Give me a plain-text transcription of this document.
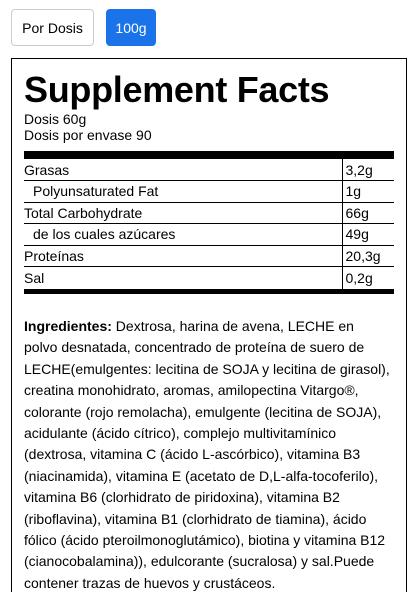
Por Dosis	100g
Supplement Facts
Dosis 60g
Dosis por envase 90
Grasas	3,2g
Polyunsaturated Fat	1g
Total Carbohydrate	66g
de los cuales azúcares	49g
Proteínas	20,3g
Sal	0,2g
Ingredientes: Dextrosa, harina de avena, LECHE en polvo desnatada, concentrado de proteína de suero de LECHE(emulgentes: lecitina de SOJA y lecitina de girasol), creatina monohidrato, aromas, amilopectina Vitargo®, colorante (rojo remolacha), emulgente (lecitina de SOJA), acidulante (ácido cítrico), complejo multivitamínico (dextrosa, vitamina C (ácido L-ascórbico), vitamina B3 (niacinamida), vitamina E (acetato de D,L-alfa-tocoferilo), vitamina B6 (clorhidrato de piridoxina), vitamina B2 (riboflavina), vitamina B1 (clorhidrato de tiamina), ácido fólico (ácido pteroilmonoglutámico), biotina y vitamina B12 (cianocobalamina)), edulcorante (sucralosa) y sal.Puede contener trazas de huevos y crustáceos.
